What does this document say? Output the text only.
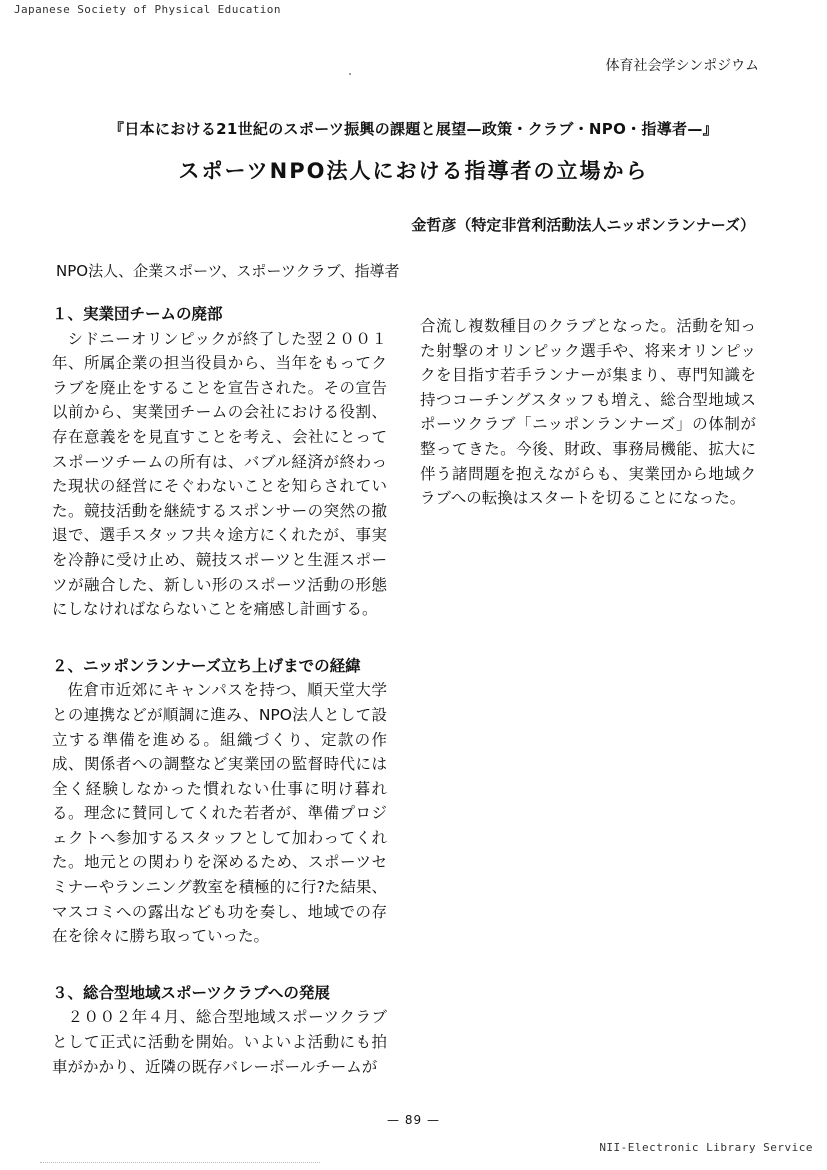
Japanese Society of Physical Education
体育社会学シンポジウム
・
『日本における21世紀のスポーツ振興の課題と展望—政策・クラブ・NPO・指導者—』
スポーツNPO法人における指導者の立場から
金哲彦（特定非営利活動法人ニッポンランナーズ）
NPO法人、企業スポーツ、スポーツクラブ、指導者
１、実業団チームの廃部

シドニーオリンピックが終了した翌２００１年、所属企業の担当役員から、当年をもってクラブを廃止をすることを宣告された。その宣告以前から、実業団チームの会社における役割、存在意義をを見直すことを考え、会社にとってスポーツチームの所有は、バブル経済が終わった現状の経営にそぐわないことを知らされていた。競技活動を継続するスポンサーの突然の撤退で、選手スタッフ共々途方にくれたが、事実を冷静に受け止め、競技スポーツと生涯スポーツが融合した、新しい形のスポーツ活動の形態にしなければならないことを痛感し計画する。

２、ニッポンランナーズ立ち上げまでの経緯

佐倉市近郊にキャンパスを持つ、順天堂大学との連携などが順調に進み、NPO法人として設立する準備を進める。組織づくり、定款の作成、関係者への調整など実業団の監督時代には全く経験しなかった慣れない仕事に明け暮れる。理念に賛同してくれた若者が、準備プロジェクトへ参加するスタッフとして加わってくれた。地元との関わりを深めるため、スポーツセミナーやランニング教室を積極的に行?た結果、マスコミへの露出なども功を奏し、地域での存在を徐々に勝ち取っていった。

３、総合型地域スポーツクラブへの発展

２００２年４月、総合型地域スポーツクラブとして正式に活動を開始。いよいよ活動にも拍車がかかり、近隣の既存バレーボールチームが

合流し複数種目のクラブとなった。活動を知った射撃のオリンピック選手や、将来オリンピックを目指す若手ランナーが集まり、専門知識を持つコーチングスタッフも増え、総合型地域スポーツクラブ「ニッポンランナーズ」の体制が整ってきた。今後、財政、事務局機能、拡大に伴う諸問題を抱えながらも、実業団から地域クラブへの転換はスタートを切ることになった。

— 89 —
NII-Electronic Library Service
